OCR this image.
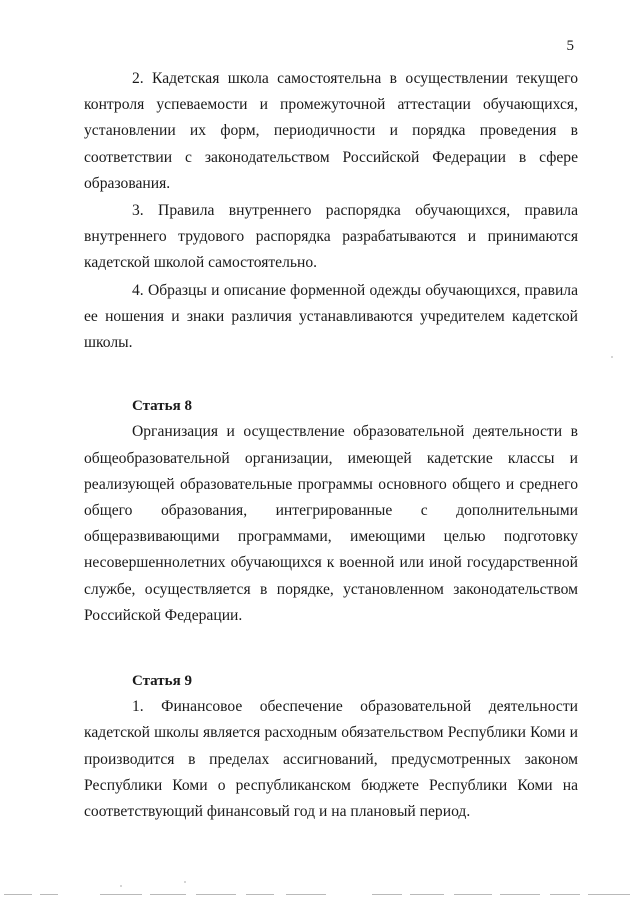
5

2. Кадетская школа самостоятельна в осуществлении текущего контроля успеваемости и промежуточной аттестации обучающихся, установлении их форм, периодичности и порядка проведения в соответствии с законодательством Российской Федерации в сфере образования.

3. Правила внутреннего распорядка обучающихся, правила внутреннего трудового распорядка разрабатываются и принимаются кадетской школой самостоятельно.

4. Образцы и описание форменной одежды обучающихся, правила ее ношения и знаки различия устанавливаются учредителем кадетской школы.

Статья 8

Организация и осуществление образовательной деятельности в общеобразовательной организации, имеющей кадетские классы и реализующей образовательные программы основного общего и среднего общего образования, интегрированные с дополнительными общеразвивающими программами, имеющими целью подготовку несовершеннолетних обучающихся к военной или иной государственной службе, осуществляется в порядке, установленном законодательством Российской Федерации.

Статья 9

1. Финансовое обеспечение образовательной деятельности кадетской школы является расходным обязательством Республики Коми и производится в пределах ассигнований, предусмотренных законом Республики Коми о республиканском бюджете Республики Коми на соответствующий финансовый год и на плановый период.
